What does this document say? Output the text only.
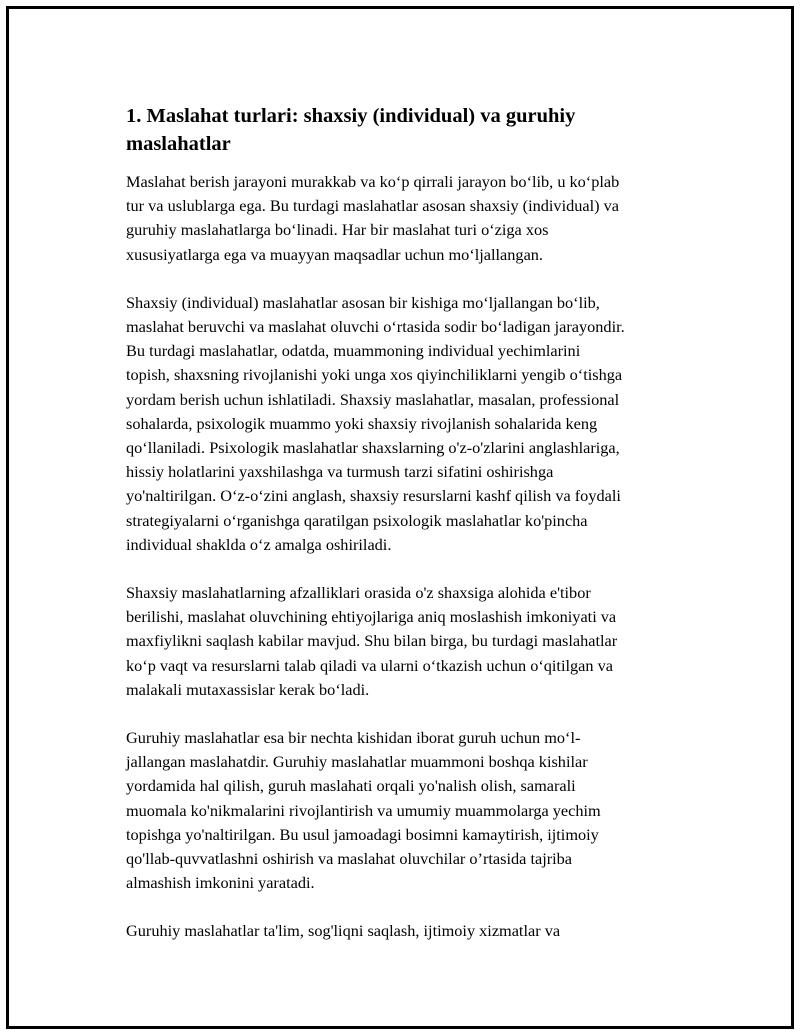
1. Maslahat turlari: shaxsiy (individual) va guruhiy
maslahatlar

Maslahat berish jarayoni murakkab va ko‘p qirrali jarayon bo‘lib, u ko‘plab
tur va uslublarga ega. Bu turdagi maslahatlar asosan shaxsiy (individual) va
guruhiy maslahatlarga bo‘linadi. Har bir maslahat turi o‘ziga xos
xususiyatlarga ega va muayyan maqsadlar uchun mo‘ljallangan.

Shaxsiy (individual) maslahatlar asosan bir kishiga mo‘ljallangan bo‘lib,
maslahat beruvchi va maslahat oluvchi o‘rtasida sodir bo‘ladigan jarayondir.
Bu turdagi maslahatlar, odatda, muammoning individual yechimlarini
topish, shaxsning rivojlanishi yoki unga xos qiyinchiliklarni yengib o‘tishga
yordam berish uchun ishlatiladi. Shaxsiy maslahatlar, masalan, professional
sohalarda, psixologik muammo yoki shaxsiy rivojlanish sohalarida keng
qo‘llaniladi. Psixologik maslahatlar shaxslarning o'z-o'zlarini anglashlariga,
hissiy holatlarini yaxshilashga va turmush tarzi sifatini oshirishga
yo'naltirilgan. O‘z-o‘zini anglash, shaxsiy resurslarni kashf qilish va foydali
strategiyalarni o‘rganishga qaratilgan psixologik maslahatlar ko'pincha
individual shaklda o‘z amalga oshiriladi.

Shaxsiy maslahatlarning afzalliklari orasida o'z shaxsiga alohida e'tibor
berilishi, maslahat oluvchining ehtiyojlariga aniq moslashish imkoniyati va
maxfiylikni saqlash kabilar mavjud. Shu bilan birga, bu turdagi maslahatlar
ko‘p vaqt va resurslarni talab qiladi va ularni o‘tkazish uchun o‘qitilgan va
malakali mutaxassislar kerak bo‘ladi.

Guruhiy maslahatlar esa bir nechta kishidan iborat guruh uchun mo‘l-
jallangan maslahatdir. Guruhiy maslahatlar muammoni boshqa kishilar
yordamida hal qilish, guruh maslahati orqali yo'nalish olish, samarali
muomala ko'nikmalarini rivojlantirish va umumiy muammolarga yechim
topishga yo'naltirilgan. Bu usul jamoadagi bosimni kamaytirish, ijtimoiy
qo'llab-quvvatlashni oshirish va maslahat oluvchilar o’rtasida tajriba
almashish imkonini yaratadi.

Guruhiy maslahatlar ta'lim, sog'liqni saqlash, ijtimoiy xizmatlar va
